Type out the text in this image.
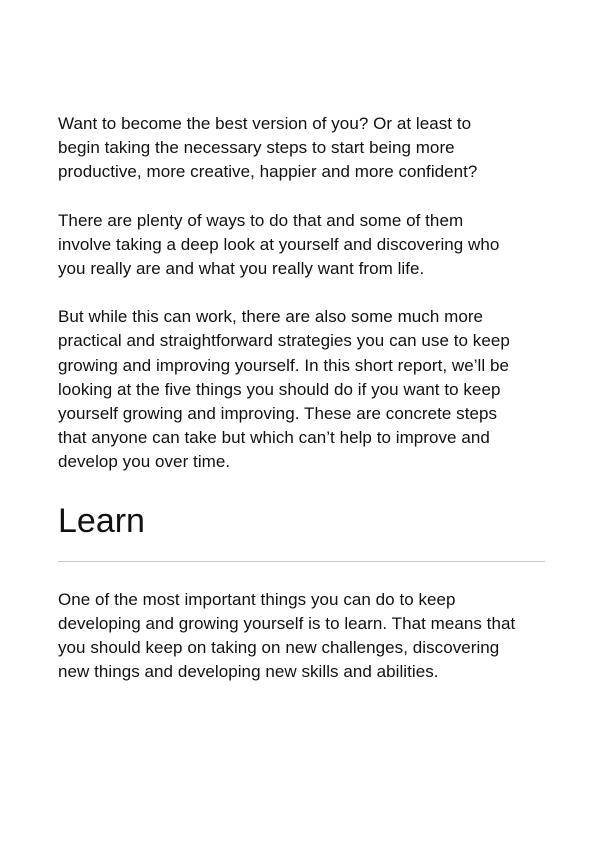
Want to become the best version of you? Or at least to
begin taking the necessary steps to start being more
productive, more creative, happier and more confident?

There are plenty of ways to do that and some of them
involve taking a deep look at yourself and discovering who
you really are and what you really want from life.

But while this can work, there are also some much more
practical and straightforward strategies you can use to keep
growing and improving yourself. In this short report, we’ll be
looking at the five things you should do if you want to keep
yourself growing and improving. These are concrete steps
that anyone can take but which can’t help to improve and
develop you over time.

Learn

One of the most important things you can do to keep
developing and growing yourself is to learn. That means that
you should keep on taking on new challenges, discovering
new things and developing new skills and abilities.
